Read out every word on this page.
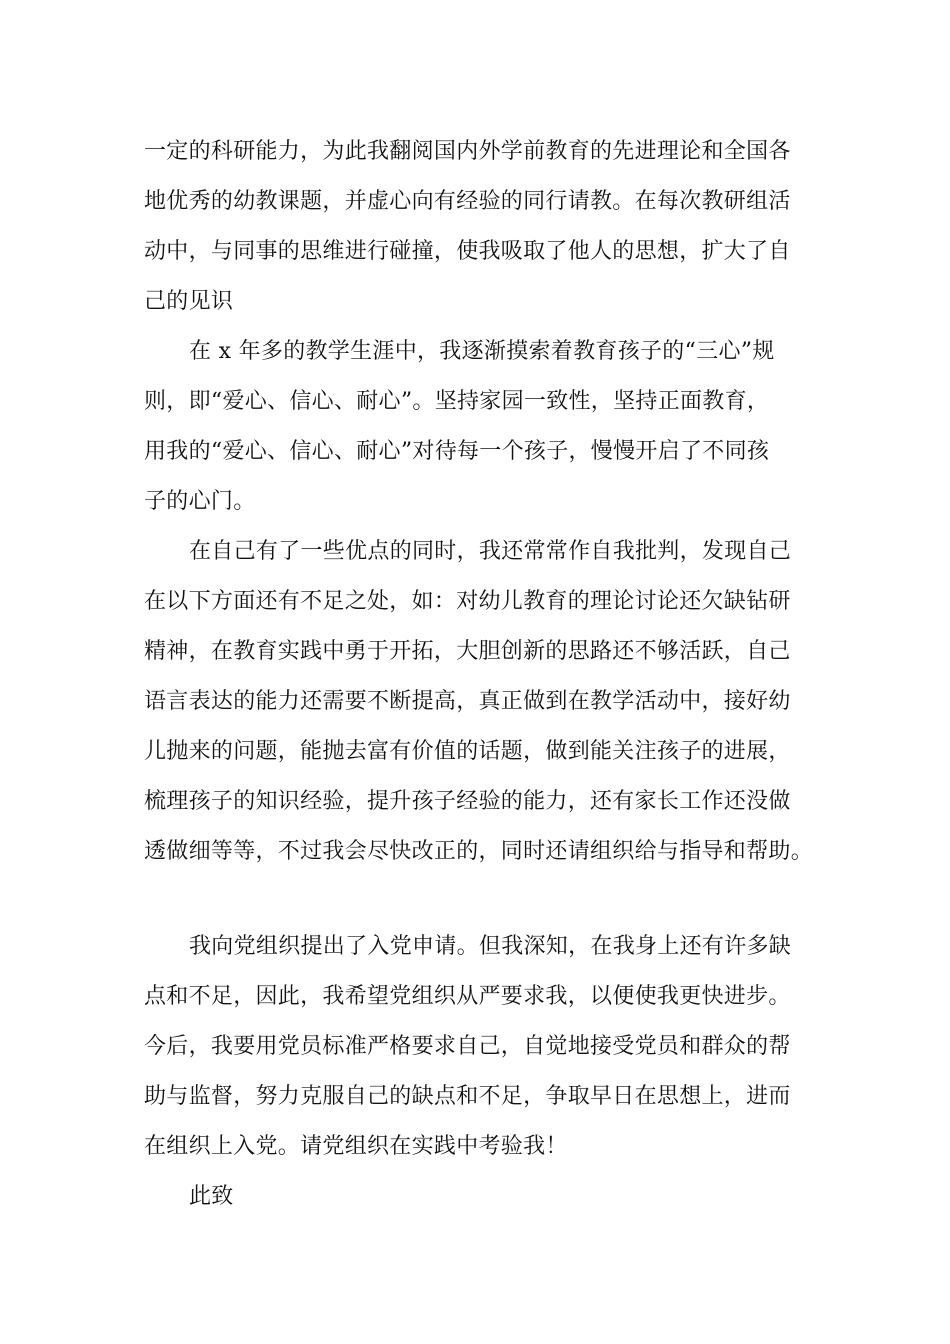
一定的科研能力，为此我翻阅国内外学前教育的先进理论和全国各
地优秀的幼教课题，并虚心向有经验的同行请教。在每次教研组活
动中，与同事的思维进行碰撞，使我吸取了他人的思想，扩大了自
己的见识
在 x 年多的教学生涯中，我逐渐摸索着教育孩子的“三心”规
则，即“爱心、信心、耐心”。坚持家园一致性，坚持正面教育，
用我的“爱心、信心、耐心”对待每一个孩子，慢慢开启了不同孩
子的心门。
在自己有了一些优点的同时，我还常常作自我批判，发现自己
在以下方面还有不足之处，如：对幼儿教育的理论讨论还欠缺钻研
精神，在教育实践中勇于开拓，大胆创新的思路还不够活跃，自己
语言表达的能力还需要不断提高，真正做到在教学活动中，接好幼
儿抛来的问题，能抛去富有价值的话题，做到能关注孩子的进展，
梳理孩子的知识经验，提升孩子经验的能力，还有家长工作还没做
透做细等等，不过我会尽快改正的，同时还请组织给与指导和帮助。
我向党组织提出了入党申请。但我深知，在我身上还有许多缺
点和不足，因此，我希望党组织从严要求我，以便使我更快进步。
今后，我要用党员标准严格要求自己，自觉地接受党员和群众的帮
助与监督，努力克服自己的缺点和不足，争取早日在思想上，进而
在组织上入党。请党组织在实践中考验我！
此致
